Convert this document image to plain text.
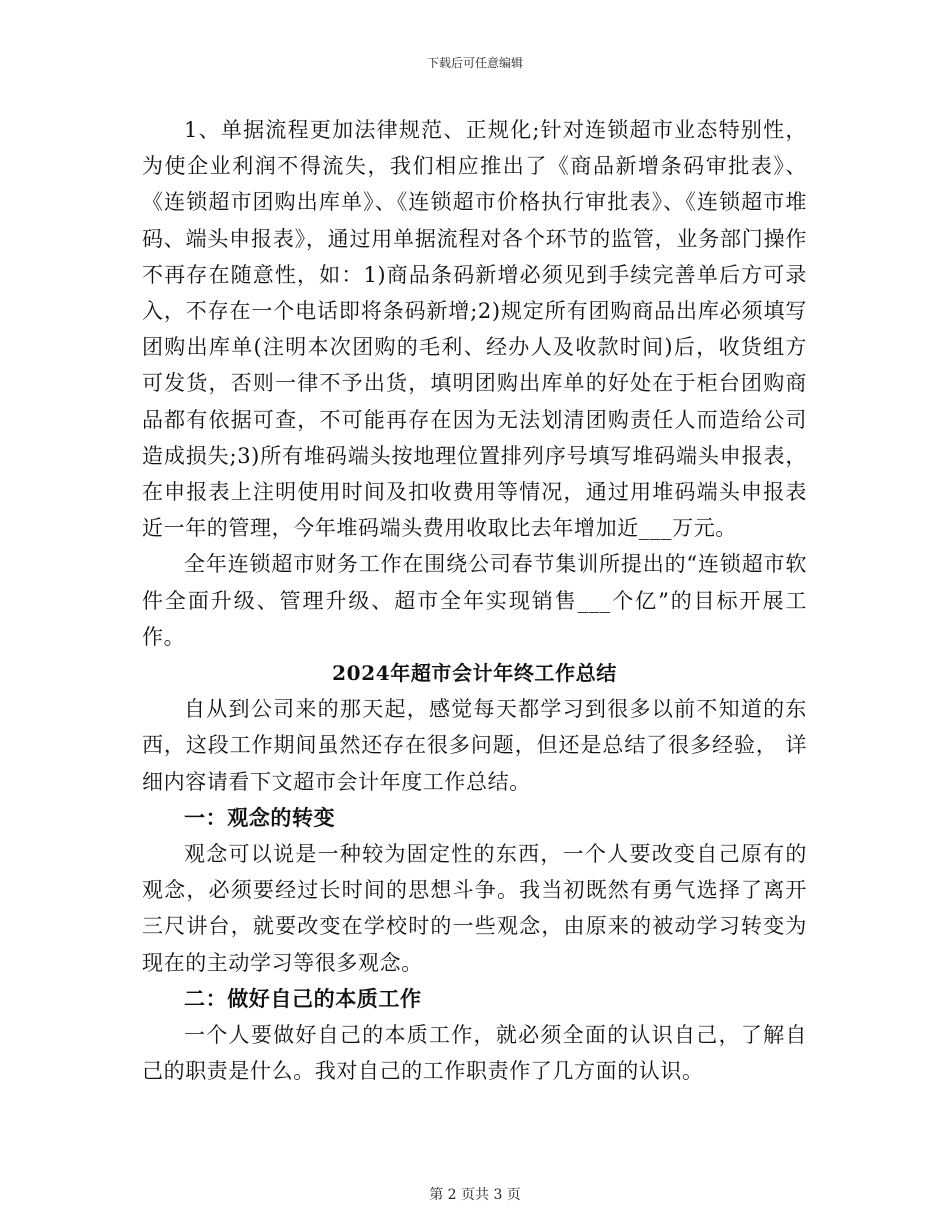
下载后可任意编辑

1、单据流程更加法律规范、正规化;针对连锁超市业态特别性，为使企业利润不得流失，我们相应推出了《商品新增条码审批表》、《连锁超市团购出库单》、《连锁超市价格执行审批表》、《连锁超市堆码、端头申报表》，通过用单据流程对各个环节的监管，业务部门操作不再存在随意性，如：1)商品条码新增必须见到手续完善单后方可录入，不存在一个电话即将条码新增;2)规定所有团购商品出库必须填写团购出库单(注明本次团购的毛利、经办人及收款时间)后，收货组方可发货，否则一律不予出货，填明团购出库单的好处在于柜台团购商品都有依据可查，不可能再存在因为无法划清团购责任人而造给公司造成损失;3)所有堆码端头按地理位置排列序号填写堆码端头申报表，在申报表上注明使用时间及扣收费用等情况，通过用堆码端头申报表近一年的管理，今年堆码端头费用收取比去年增加近___万元。

全年连锁超市财务工作在围绕公司春节集训所提出的“连锁超市软件全面升级、管理升级、超市全年实现销售___个亿”的目标开展工作。

2024年超市会计年终工作总结

自从到公司来的那天起，感觉每天都学习到很多以前不知道的东西，这段工作期间虽然还存在很多问题，但还是总结了很多经验， 详细内容请看下文超市会计年度工作总结。

一：观念的转变

观念可以说是一种较为固定性的东西，一个人要改变自己原有的观念，必须要经过长时间的思想斗争。我当初既然有勇气选择了离开三尺讲台，就要改变在学校时的一些观念，由原来的被动学习转变为现在的主动学习等很多观念。

二：做好自己的本质工作

一个人要做好自己的本质工作，就必须全面的认识自己，了解自己的职责是什么。我对自己的工作职责作了几方面的认识。

第 2 页共 3 页
